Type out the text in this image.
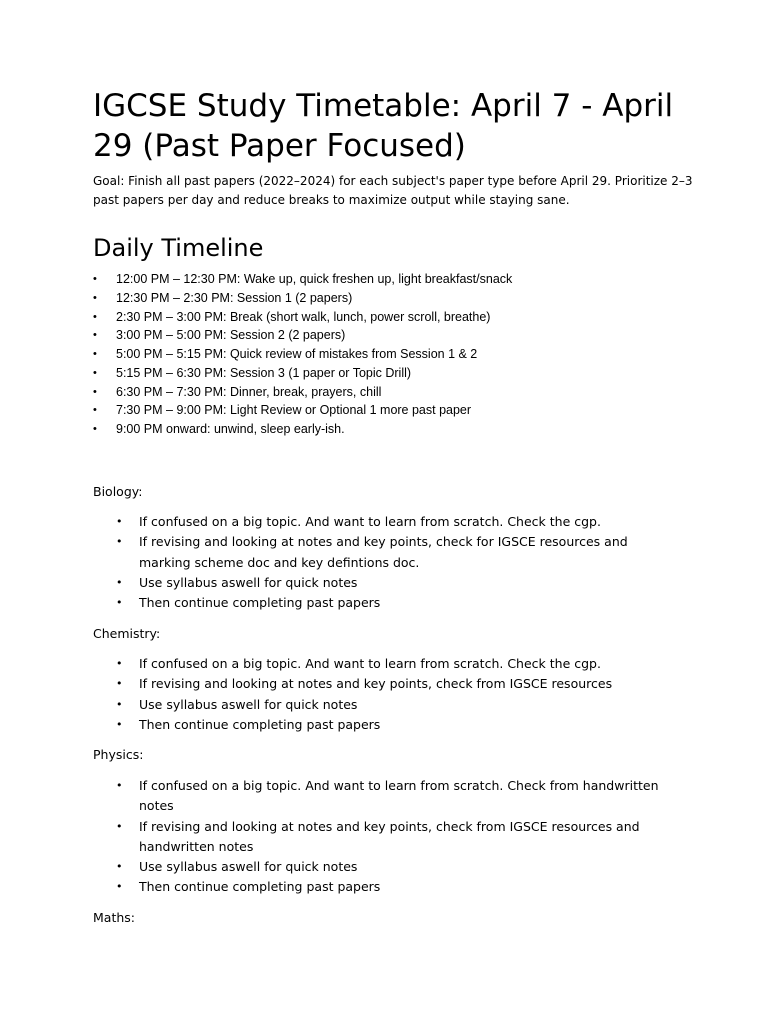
IGCSE Study Timetable: April 7 - April 29 (Past Paper Focused)

Goal: Finish all past papers (2022–2024) for each subject's paper type before April 29. Prioritize 2–3 past papers per day and reduce breaks to maximize output while staying sane.

Daily Timeline
• 12:00 PM – 12:30 PM: Wake up, quick freshen up, light breakfast/snack
• 12:30 PM – 2:30 PM: Session 1 (2 papers)
• 2:30 PM – 3:00 PM: Break (short walk, lunch, power scroll, breathe)
• 3:00 PM – 5:00 PM: Session 2 (2 papers)
• 5:00 PM – 5:15 PM: Quick review of mistakes from Session 1 & 2
• 5:15 PM – 6:30 PM: Session 3 (1 paper or Topic Drill)
• 6:30 PM – 7:30 PM: Dinner, break, prayers, chill
• 7:30 PM – 9:00 PM: Light Review or Optional 1 more past paper
• 9:00 PM onward: unwind, sleep early-ish.

Biology:

• If confused on a big topic. And want to learn from scratch. Check the cgp.
• If revising and looking at notes and key points, check for IGSCE resources and marking scheme doc and key defintions doc.
• Use syllabus aswell for quick notes
• Then continue completing past papers

Chemistry:

• If confused on a big topic. And want to learn from scratch. Check the cgp.
• If revising and looking at notes and key points, check from IGSCE resources
• Use syllabus aswell for quick notes
• Then continue completing past papers

Physics:

• If confused on a big topic. And want to learn from scratch. Check from handwritten notes
• If revising and looking at notes and key points, check from IGSCE resources and handwritten notes
• Use syllabus aswell for quick notes
• Then continue completing past papers

Maths:
